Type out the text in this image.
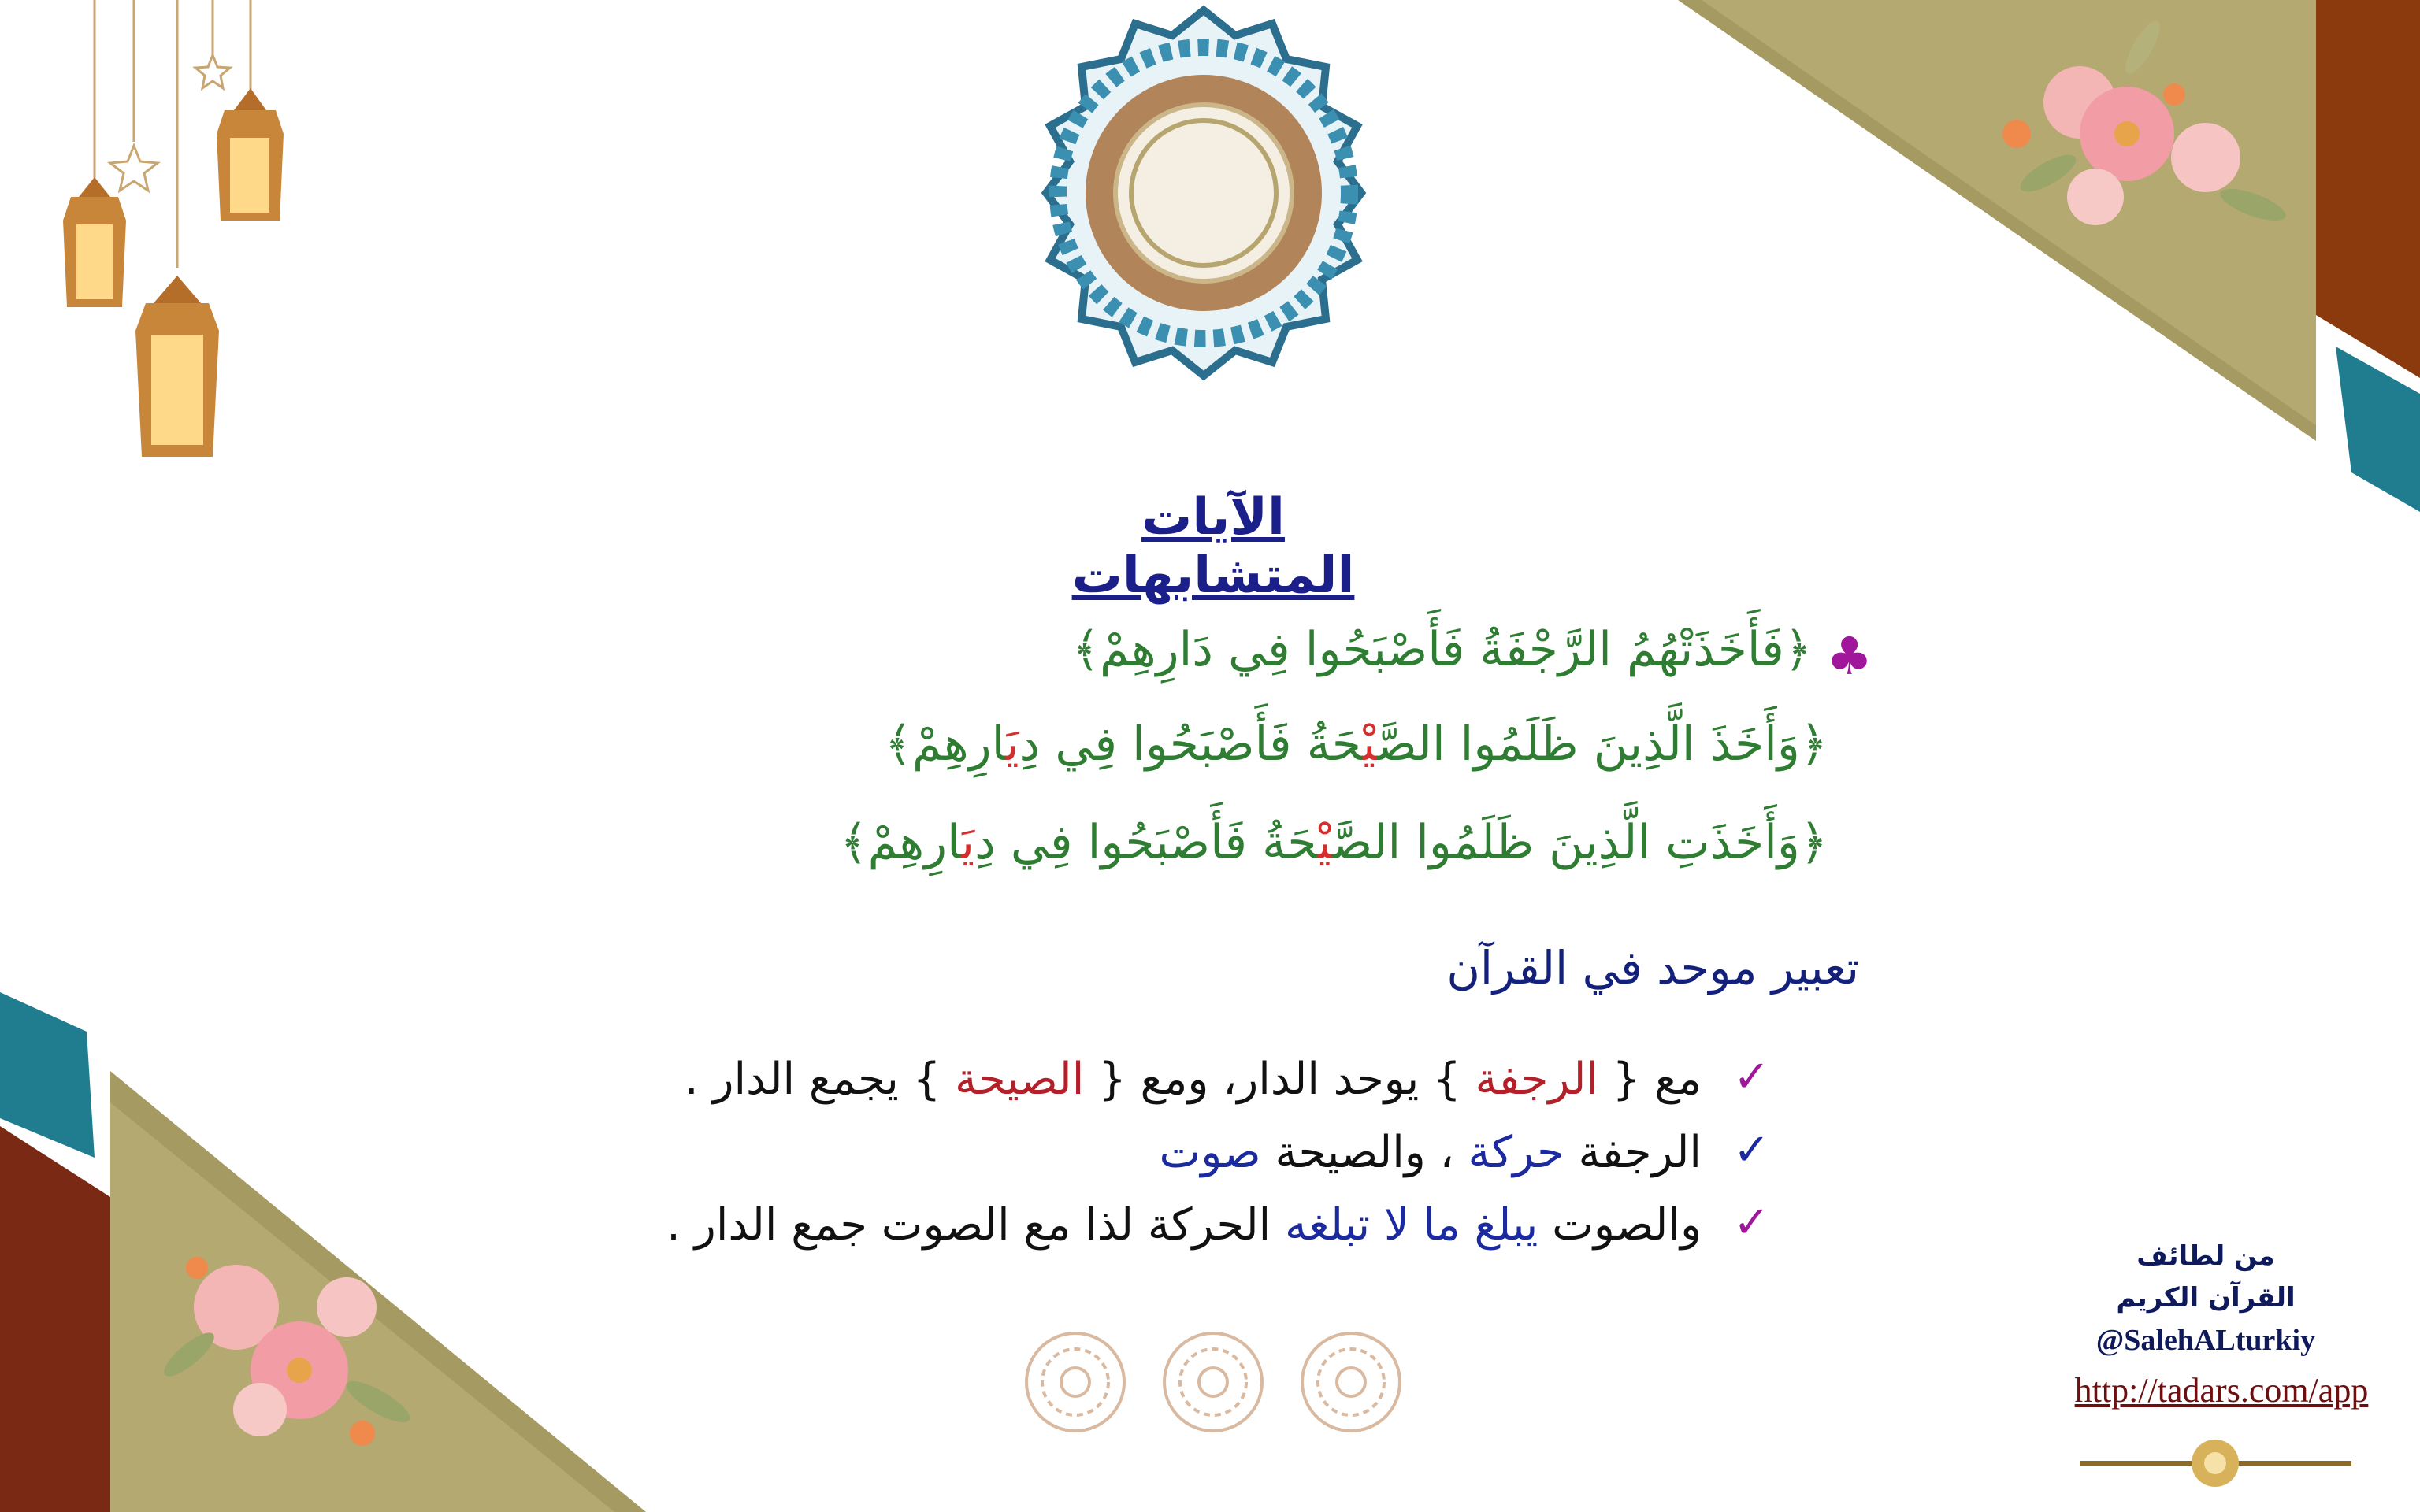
الآيات المتشابهات
♣
﴿فَأَخَذَتْهُمُ الرَّجْفَةُ فَأَصْبَحُوا فِي دَارِهِمْ﴾
﴿وَأَخَذَ الَّذِينَ ظَلَمُوا الصَّيْحَةُ فَأَصْبَحُوا فِي دِيَارِهِمْ﴾
﴿وَأَخَذَتِ الَّذِينَ ظَلَمُوا الصَّيْحَةُ فَأَصْبَحُوا فِي دِيَارِهِمْ﴾
تعبير موحد في القرآن
✓
مع { الرجفة } يوحد الدار، ومع { الصيحة } يجمع الدار .
✓
الرجفة حركة ، والصيحة صوت
✓
والصوت يبلغ ما لا تبلغه الحركة لذا مع الصوت جمع الدار .
من لطائف
القرآن الكريم
@SalehALturkiy
http://tadars.com/app
